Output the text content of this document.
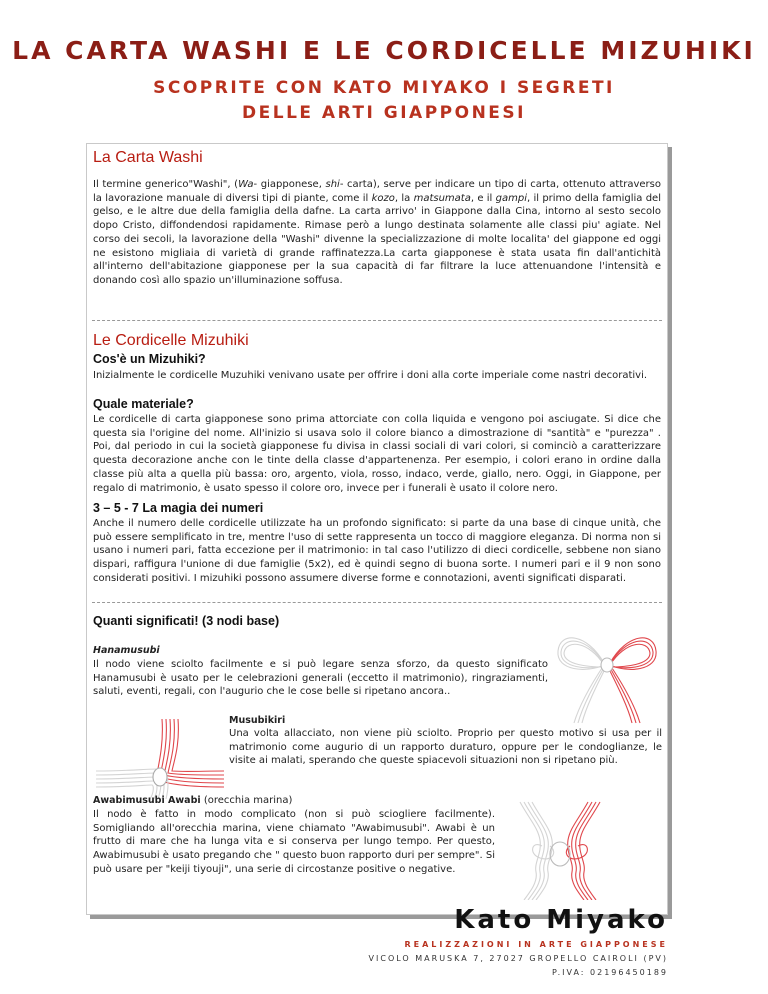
LA CARTA WASHI E LE CORDICELLE MIZUHIKI
SCOPRITE CON KATO MIYAKO I SEGRETI
DELLE ARTI GIAPPONESI
La Carta Washi
Il termine generico"Washi", (Wa- giapponese, shi- carta), serve per indicare un tipo di carta, ottenuto attraverso la lavorazione manuale di diversi tipi di piante, come il kozo, la matsumata, e il gampi, il primo della famiglia del gelso, e le altre due della famiglia della dafne. La carta arrivo' in Giappone dalla Cina, intorno al sesto secolo dopo Cristo, diffondendosi rapidamente. Rimase però a lungo destinata solamente alle classi piu' agiate. Nel corso dei secoli, la lavorazione della "Washi" divenne la specializzazione di molte localita' del giappone ed oggi ne esistono migliaia di varietà di grande raffinatezza.La carta giapponese è stata usata fin dall'antichità all'interno dell'abitazione giapponese per la sua capacità di far filtrare la luce attenuandone l'intensità e donando così allo spazio un'illuminazione soffusa.
Le Cordicelle Mizuhiki
Cos'è un Mizuhiki?
Inizialmente le cordicelle Muzuhiki venivano usate per offrire i doni alla corte imperiale come nastri decorativi.
Quale materiale?
Le cordicelle di carta giapponese sono prima attorciate con colla liquida e vengono poi asciugate. Si dice che questa sia l'origine del nome. All'inizio si usava solo il colore bianco a dimostrazione di "santità" e "purezza" . Poi, dal periodo in cui la società giapponese fu divisa in classi sociali di vari colori, si cominciò a caratterizzare questa decorazione anche con le tinte della classe d'appartenenza. Per esempio, i colori erano in ordine dalla classe più alta a quella più bassa: oro, argento, viola, rosso, indaco, verde, giallo, nero. Oggi, in Giappone, per regalo di matrimonio, è usato spesso il colore oro, invece per i funerali è usato il colore nero.
3 – 5 - 7 La magia dei numeri
Anche il numero delle cordicelle utilizzate ha un profondo significato: si parte da una base di cinque unità, che può essere semplificato in tre, mentre l'uso di sette rappresenta un tocco di maggiore eleganza. Di norma non si usano i numeri pari, fatta eccezione per il matrimonio: in tal caso l'utilizzo di dieci cordicelle, sebbene non siano dispari, raffigura l'unione di due famiglie (5x2), ed è quindi segno di buona sorte. I numeri pari e il 9 non sono considerati positivi. I mizuhiki possono assumere diverse forme e connotazioni, aventi significati disparati.
Quanti significati! (3 nodi base)
Hanamusubi
Il nodo viene sciolto facilmente e si può legare senza sforzo, da questo significato Hanamusubi è usato per le celebrazioni generali (eccetto il matrimonio), ringraziamenti, saluti, eventi, regali, con l'augurio che le cose belle si ripetano ancora..
Musubikiri
Una volta allacciato, non viene più sciolto. Proprio per questo motivo si usa per il matrimonio come augurio di un rapporto duraturo, oppure per le condoglianze, le visite ai malati, sperando che queste spiacevoli situazioni non si ripetano più.
Awabimusubi Awabi (orecchia marina)
Il nodo è fatto in modo complicato (non si può sciogliere facilmente). Somigliando all'orecchia marina, viene chiamato "Awabimusubi". Awabi è un frutto di mare che ha lunga vita e si conserva per lungo tempo. Per questo, Awabimusubi è usato pregando che " questo buon rapporto duri per sempre". Si può usare per "keiji tiyouji", una serie di circostanze positive o negative.
Kato Miyako
REALIZZAZIONI IN ARTE GIAPPONESE
VICOLO MARUSKA 7, 27027 GROPELLO CAIROLI (PV)
P.IVA: 02196450189
